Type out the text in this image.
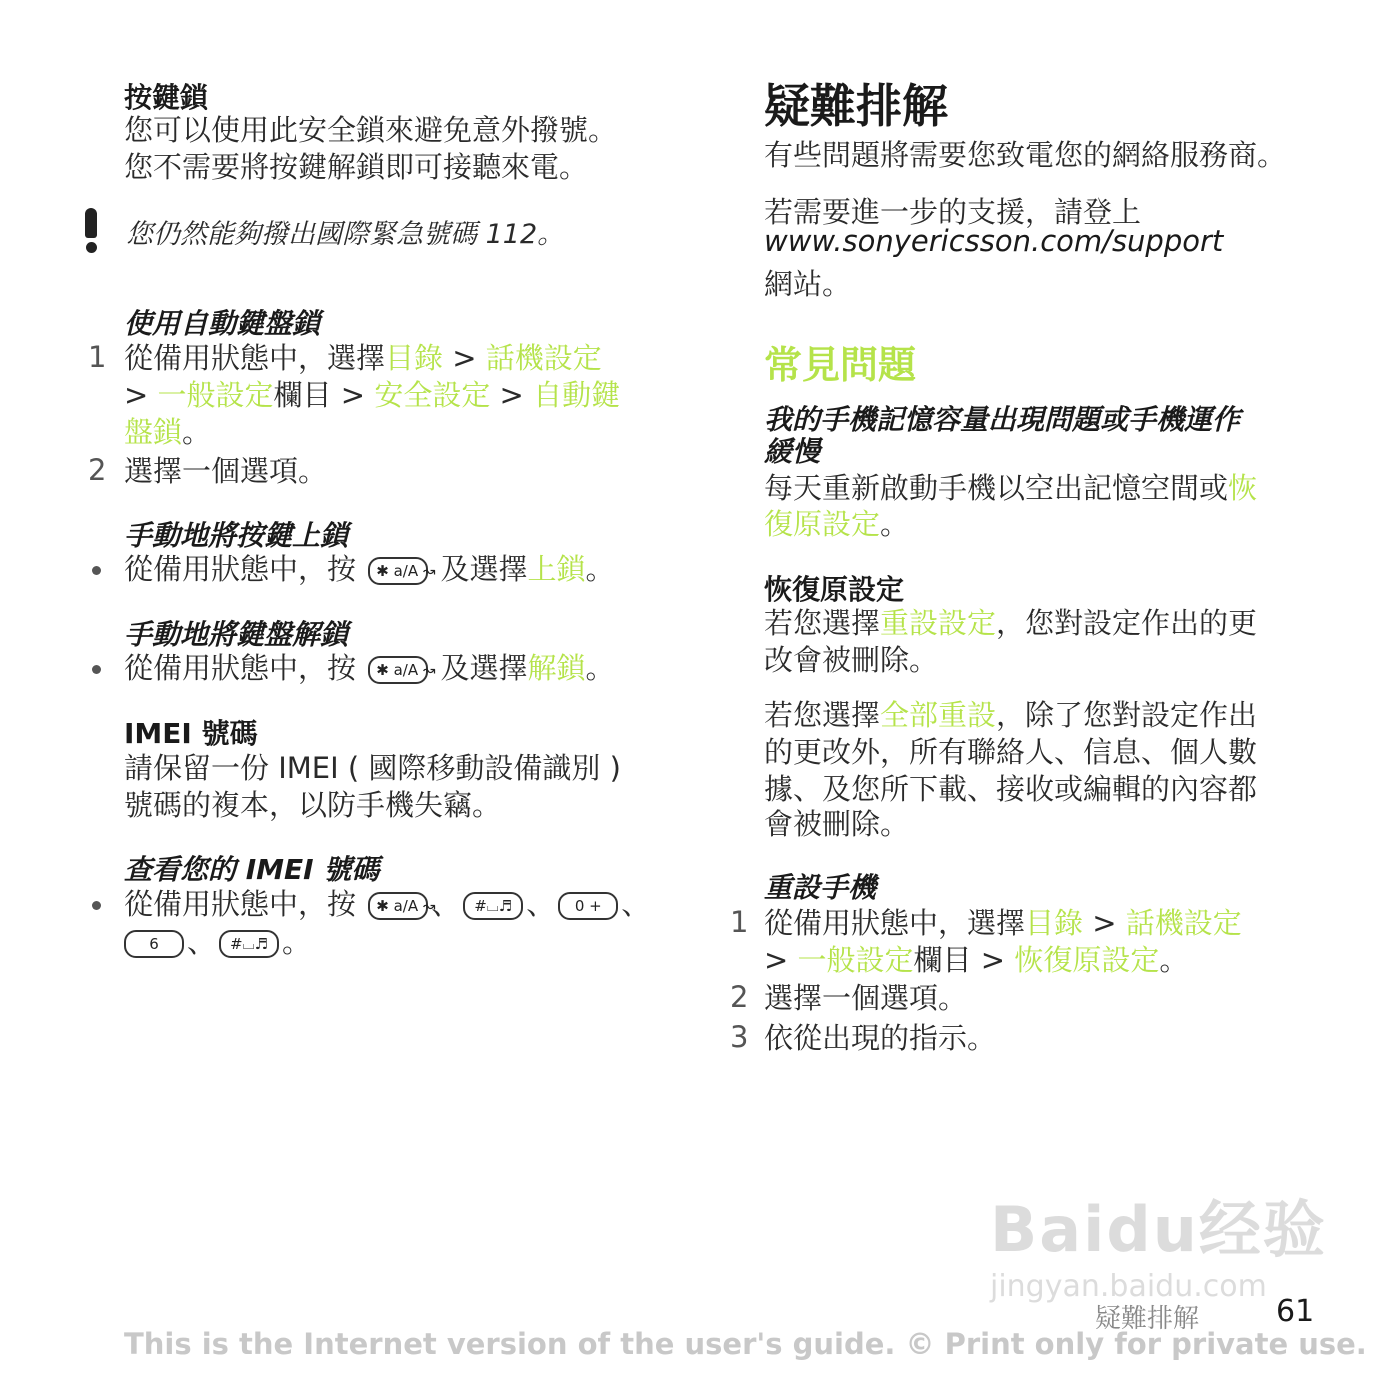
按鍵鎖
您可以使用此安全鎖來避免意外撥號。
您不需要將按鍵解鎖即可接聽來電。
您仍然能夠撥出國際緊急號碼 112。
使用自動鍵盤鎖
1 從備用狀態中，選擇目錄 > 話機設定
> 一般設定欄目 > 安全設定 > 自動鍵
盤鎖。
2 選擇一個選項。
手動地將按鍵上鎖
從備用狀態中，按 ✱ a/A ↝ 及選擇上鎖。
手動地將鍵盤解鎖
從備用狀態中，按 ✱ a/A ↝ 及選擇解鎖。
IMEI 號碼
請保留一份 IMEI ( 國際移動設備識別 )
號碼的複本，以防手機失竊。
查看您的 IMEI 號碼
從備用狀態中，按 ✱ a/A ↝、 #⌴♬ 、 0 + 、
6 、 #⌴♬ 。
疑難排解
有些問題將需要您致電您的網絡服務商。
若需要進一步的支援，請登上
www.sonyericsson.com/support
網站。
常見問題
我的手機記憶容量出現問題或手機運作
緩慢
每天重新啟動手機以空出記憶空間或恢
復原設定。
恢復原設定
若您選擇重設設定，您對設定作出的更
改會被刪除。
若您選擇全部重設，除了您對設定作出
的更改外，所有聯絡人、信息、個人數
據、及您所下載、接收或編輯的內容都
會被刪除。
重設手機
1 從備用狀態中，選擇目錄 > 話機設定
> 一般設定欄目 > 恢復原設定。
2 選擇一個選項。
3 依從出現的指示。
Baidu经验
jingyan.baidu.com
疑難排解	61
This is the Internet version of the user's guide. © Print only for private use.
